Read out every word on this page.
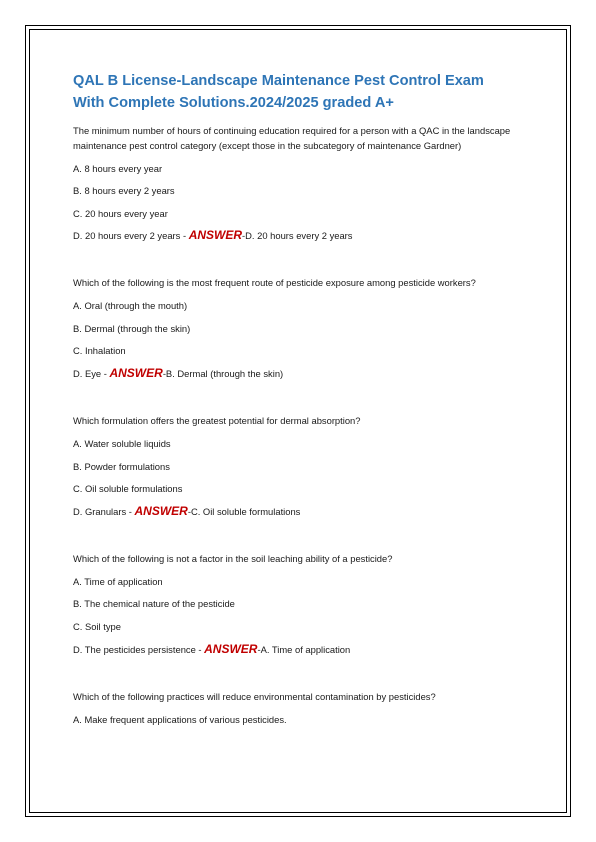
QAL B License-Landscape Maintenance Pest Control Exam
With Complete Solutions.2024/2025 graded A+

The minimum number of hours of continuing education required for a person with a QAC in the landscape maintenance pest control category (except those in the subcategory of maintenance Gardner)

A. 8 hours every year

B. 8 hours every 2 years

C. 20 hours every year

D. 20 hours every 2 years - ANSWER-D. 20 hours every 2 years

Which of the following is the most frequent route of pesticide exposure among pesticide workers?

A. Oral (through the mouth)

B. Dermal (through the skin)

C. Inhalation

D. Eye - ANSWER-B. Dermal (through the skin)

Which formulation offers the greatest potential for dermal absorption?

A. Water soluble liquids

B. Powder formulations

C. Oil soluble formulations

D. Granulars - ANSWER-C. Oil soluble formulations

Which of the following is not a factor in the soil leaching ability of a pesticide?

A. Time of application

B. The chemical nature of the pesticide

C. Soil type

D. The pesticides persistence - ANSWER-A. Time of application

Which of the following practices will reduce environmental contamination by pesticides?

A. Make frequent applications of various pesticides.
